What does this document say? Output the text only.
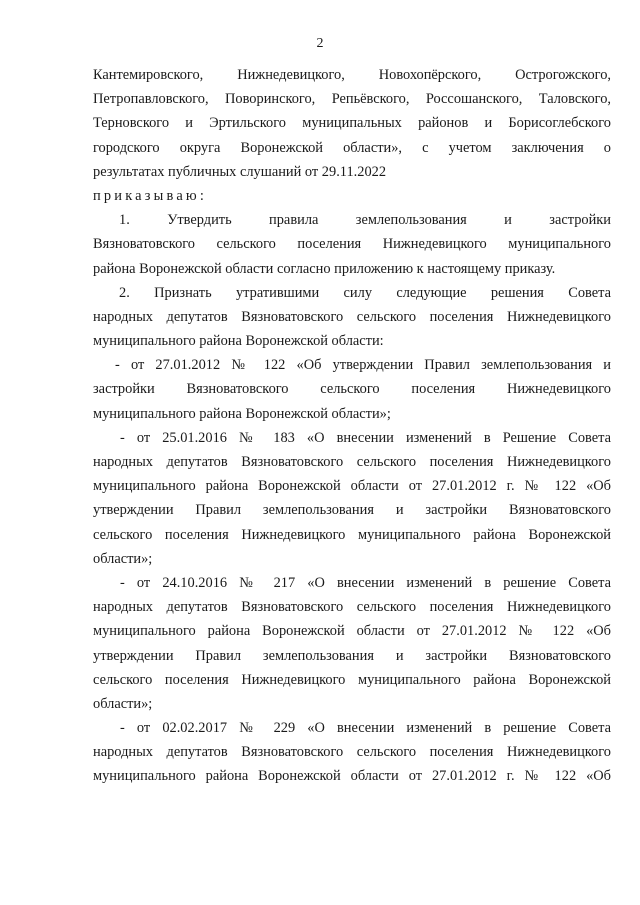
2
Кантемировского, Нижнедевицкого, Новохопёрского, Острогожского,
Петропавловского, Поворинского, Репьёвского, Россошанского, Таловского,
Терновского и Эртильского муниципальных районов и Борисоглебского
городского округа Воронежской области», с учетом заключения о
результатах публичных слушаний от 29.11.2022
приказываю:
1. Утвердить правила землепользования и застройки
Вязноватовского сельского поселения Нижнедевицкого муниципального
района Воронежской области согласно приложению к настоящему приказу.
2. Признать утратившими силу следующие решения Совета
народных депутатов Вязноватовского сельского поселения Нижнедевицкого
муниципального района Воронежской области:
- от 27.01.2012 № 122 «Об утверждении Правил землепользования и
застройки Вязноватовского сельского поселения Нижнедевицкого
муниципального района Воронежской области»;
- от 25.01.2016 № 183 «О внесении изменений в Решение Совета
народных депутатов Вязноватовского сельского поселения Нижнедевицкого
муниципального района Воронежской области от 27.01.2012 г. № 122 «Об
утверждении Правил землепользования и застройки Вязноватовского
сельского поселения Нижнедевицкого муниципального района Воронежской
области»;
- от 24.10.2016 № 217 «О внесении изменений в решение Совета
народных депутатов Вязноватовского сельского поселения Нижнедевицкого
муниципального района Воронежской области от 27.01.2012 № 122 «Об
утверждении Правил землепользования и застройки Вязноватовского
сельского поселения Нижнедевицкого муниципального района Воронежской
области»;
- от 02.02.2017 № 229 «О внесении изменений в решение Совета
народных депутатов Вязноватовского сельского поселения Нижнедевицкого
муниципального района Воронежской области от 27.01.2012 г. № 122 «Об
